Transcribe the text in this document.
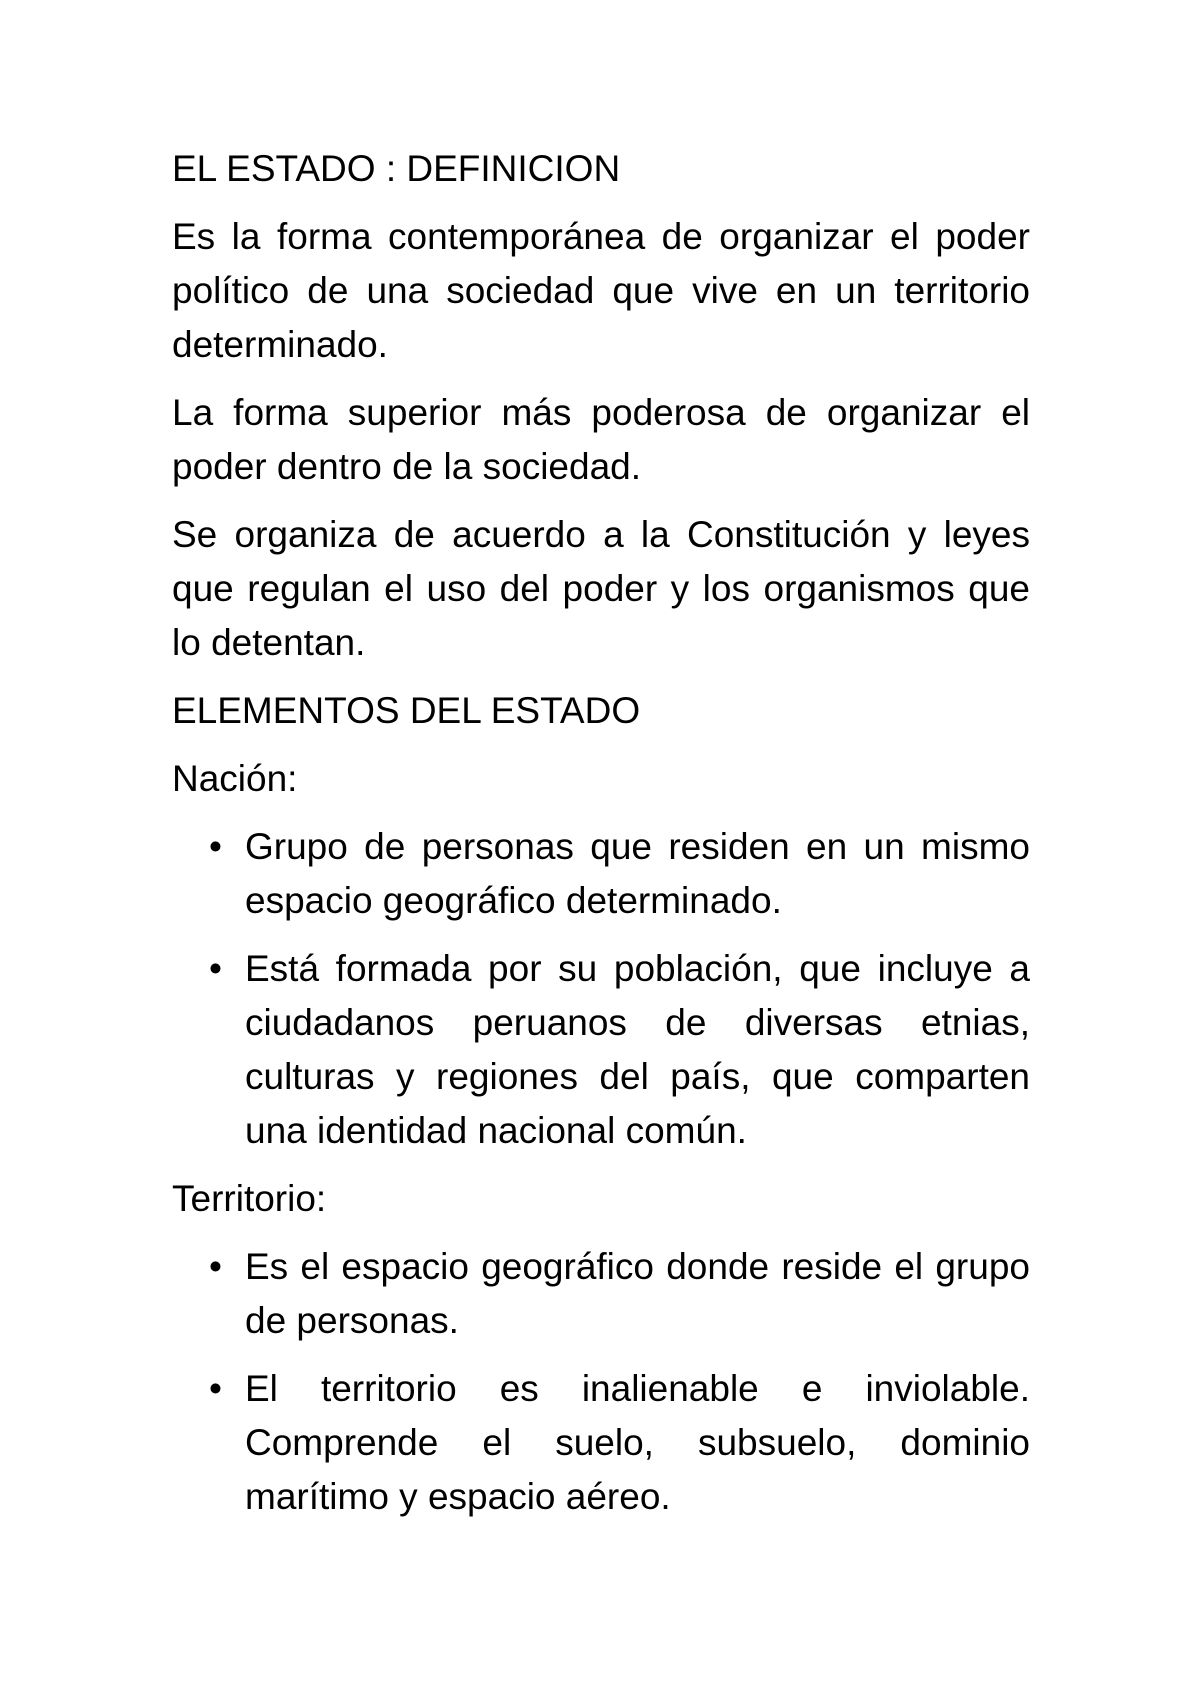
EL ESTADO : DEFINICION

Es la forma contemporánea de organizar el poder político de una sociedad que vive en un territorio determinado.

La forma superior más poderosa de organizar el poder dentro de la sociedad.

Se organiza de acuerdo a la Constitución y leyes que regulan el uso del poder y los organismos que lo detentan.

ELEMENTOS DEL ESTADO

Nación:

• Grupo de personas que residen en un mismo espacio geográfico determinado.
• Está formada por su población, que incluye a ciudadanos peruanos de diversas etnias, culturas y regiones del país, que comparten una identidad nacional común.

Territorio:

• Es el espacio geográfico donde reside el grupo de personas.
• El territorio es inalienable e inviolable. Comprende el suelo, subsuelo, dominio marítimo y espacio aéreo.
